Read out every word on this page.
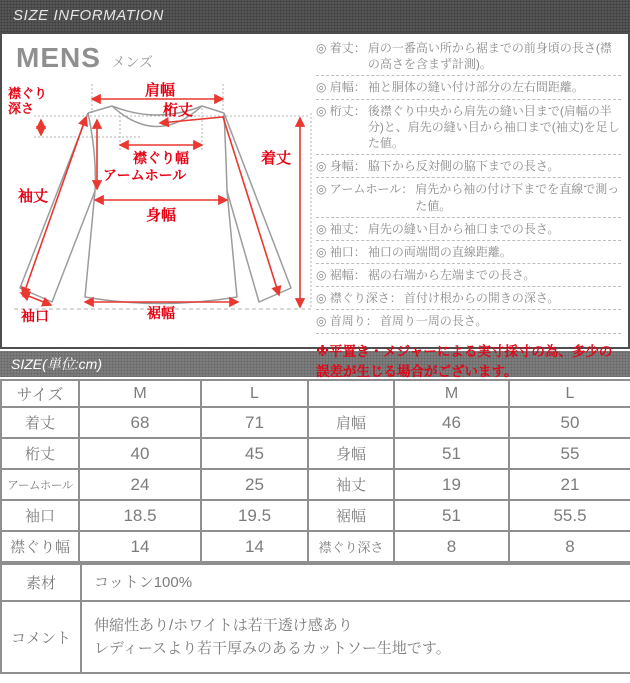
SIZE INFORMATION
MENS メンズ
肩幅
桁丈
襟ぐり幅
アームホール
着丈
袖丈
身幅
襟ぐり
深さ
袖口	裾幅
◎ 着丈： 肩の一番高い所から裾までの前身頃の長さ(襟の高さを含まず計測)。
◎ 肩幅： 袖と胴体の縫い付け部分の左右間距離。
◎ 桁丈： 後襟ぐり中央から肩先の縫い目まで(肩幅の半分)と、肩先の縫い目から袖口まで(袖丈)を足した値。
◎ 身幅： 脇下から反対側の脇下までの長さ。
◎ アームホール： 肩先から袖の付け下までを直線で測った値。
◎ 袖丈： 肩先の縫い目から袖口までの長さ。
◎ 袖口： 袖口の両端間の直線距離。
◎ 裾幅： 裾の右端から左端までの長さ。
◎ 襟ぐり深さ： 首付け根からの開きの深さ。
◎ 首周り： 首周り一周の長さ。

※平置き・メジャーによる実寸採寸の為、多少の誤差が生じる場合がございます。

SIZE(単位:cm)
サイズ	M	L		M	L
着丈	68	71	肩幅	46	50
桁丈	40	45	身幅	51	55
アームホール	24	25	袖丈	19	21
袖口	18.5	19.5	裾幅	51	55.5
襟ぐり幅	14	14	襟ぐり深さ	8	8
素材	コットン100%
コメント	伸縮性あり/ホワイトは若干透け感あり
レディースより若干厚みのあるカットソー生地です。
